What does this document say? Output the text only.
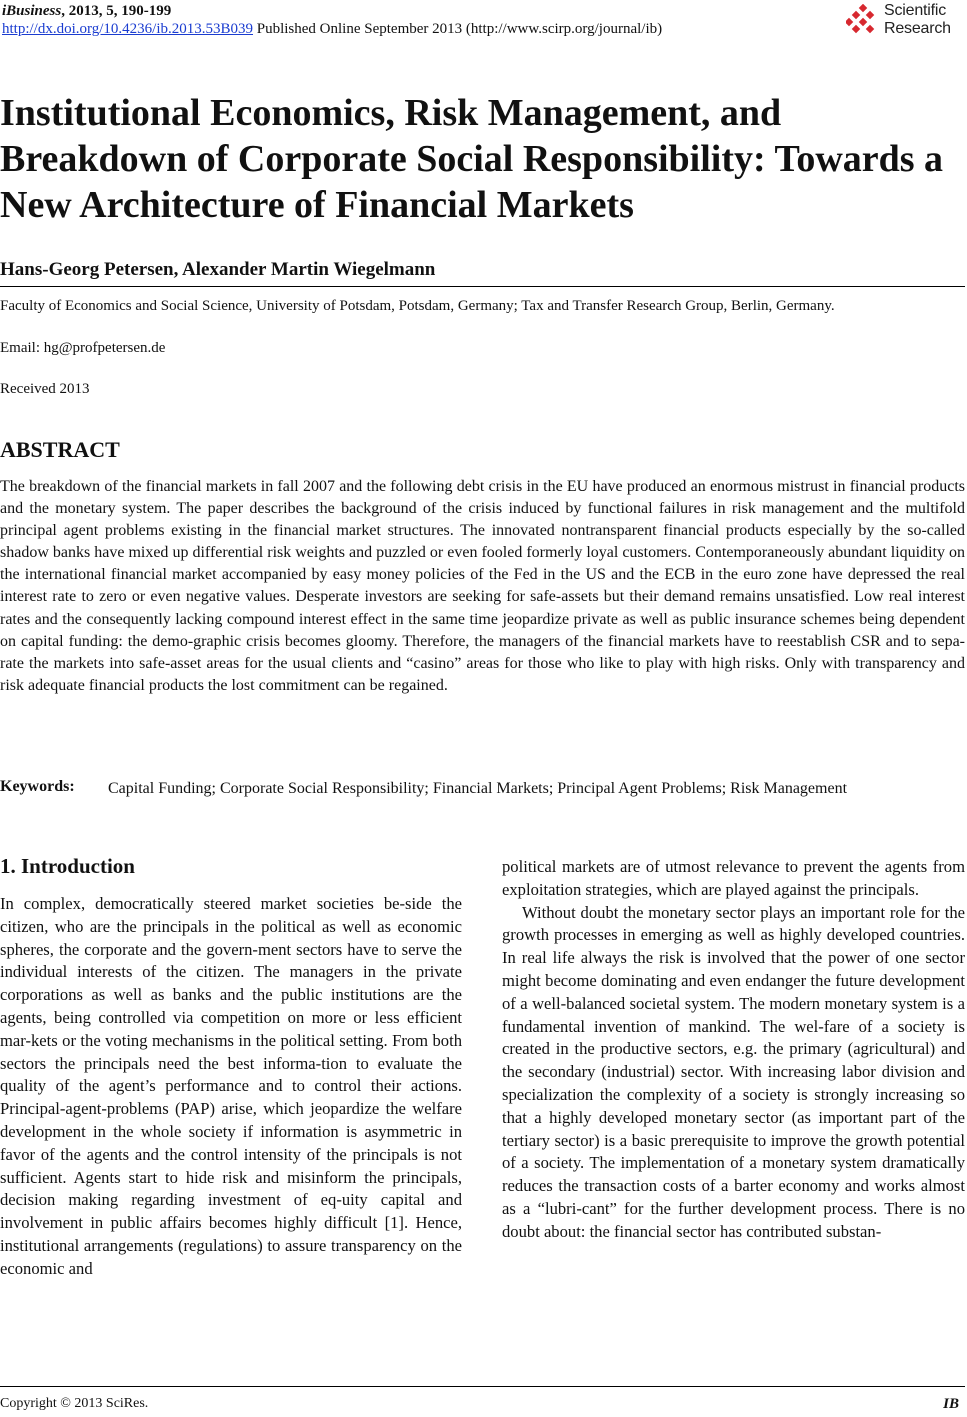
iBusiness, 2013, 5, 190-199
http://dx.doi.org/10.4236/ib.2013.53B039 Published Online September 2013 (http://www.scirp.org/journal/ib)
Scientific
Research
Institutional Economics, Risk Management, and Breakdown of Corporate Social Responsibility: Towards a New Architecture of Financial Markets
Hans-Georg Petersen, Alexander Martin Wiegelmann
Faculty of Economics and Social Science, University of Potsdam, Potsdam, Germany; Tax and Transfer Research Group, Berlin, Germany.
Email: hg@profpetersen.de
Received 2013
ABSTRACT

The breakdown of the financial markets in fall 2007 and the following debt crisis in the EU have produced an enormous mistrust in financial products and the monetary system. The paper describes the background of the crisis induced by functional failures in risk management and the multifold principal agent problems existing in the financial market structures. The innovated nontransparent financial products especially by the so-called shadow banks have mixed up differential risk weights and puzzled or even fooled formerly loyal customers. Contemporaneously abundant liquidity on the international financial market accompanied by easy money policies of the Fed in the US and the ECB in the euro zone have depressed the real interest rate to zero or even negative values. Desperate investors are seeking for safe-assets but their demand remains unsatisfied. Low real interest rates and the consequently lacking compound interest effect in the same time jeopardize private as well as public insurance schemes being dependent on capital funding: the demo-graphic crisis becomes gloomy. Therefore, the managers of the financial markets have to reestablish CSR and to sepa-rate the markets into safe-asset areas for the usual clients and “casino” areas for those who like to play with high risks. Only with transparency and risk adequate financial products the lost commitment can be regained.

Keywords:	Capital Funding; Corporate Social Responsibility; Financial Markets; Principal Agent Problems; Risk Management
1. Introduction

In complex, democratically steered market societies be-side the citizen, who are the principals in the political as well as economic spheres, the corporate and the govern-ment sectors have to serve the individual interests of the citizen. The managers in the private corporations as well as banks and the public institutions are the agents, being controlled via competition on more or less efficient mar-kets or the voting mechanisms in the political setting. From both sectors the principals need the best informa-tion to evaluate the quality of the agent’s performance and to control their actions. Principal-agent-problems (PAP) arise, which jeopardize the welfare development in the whole society if information is asymmetric in favor of the agents and the control intensity of the principals is not sufficient. Agents start to hide risk and misinform the principals, decision making regarding investment of eq-uity capital and involvement in public affairs becomes highly difficult [1]. Hence, institutional arrangements (regulations) to assure transparency on the economic and

political markets are of utmost relevance to prevent the agents from exploitation strategies, which are played against the principals.

Without doubt the monetary sector plays an important role for the growth processes in emerging as well as highly developed countries. In real life always the risk is involved that the power of one sector might become dominating and even endanger the future development of a well-balanced societal system. The modern monetary system is a fundamental invention of mankind. The wel-fare of a society is created in the productive sectors, e.g. the primary (agricultural) and the secondary (industrial) sector. With increasing labor division and specialization the complexity of a society is strongly increasing so that a highly developed monetary sector (as important part of the tertiary sector) is a basic prerequisite to improve the growth potential of a society. The implementation of a monetary system dramatically reduces the transaction costs of a barter economy and works almost as a “lubri-cant” for the further development process. There is no doubt about: the financial sector has contributed substan-

Copyright © 2013 SciRes.	IB
